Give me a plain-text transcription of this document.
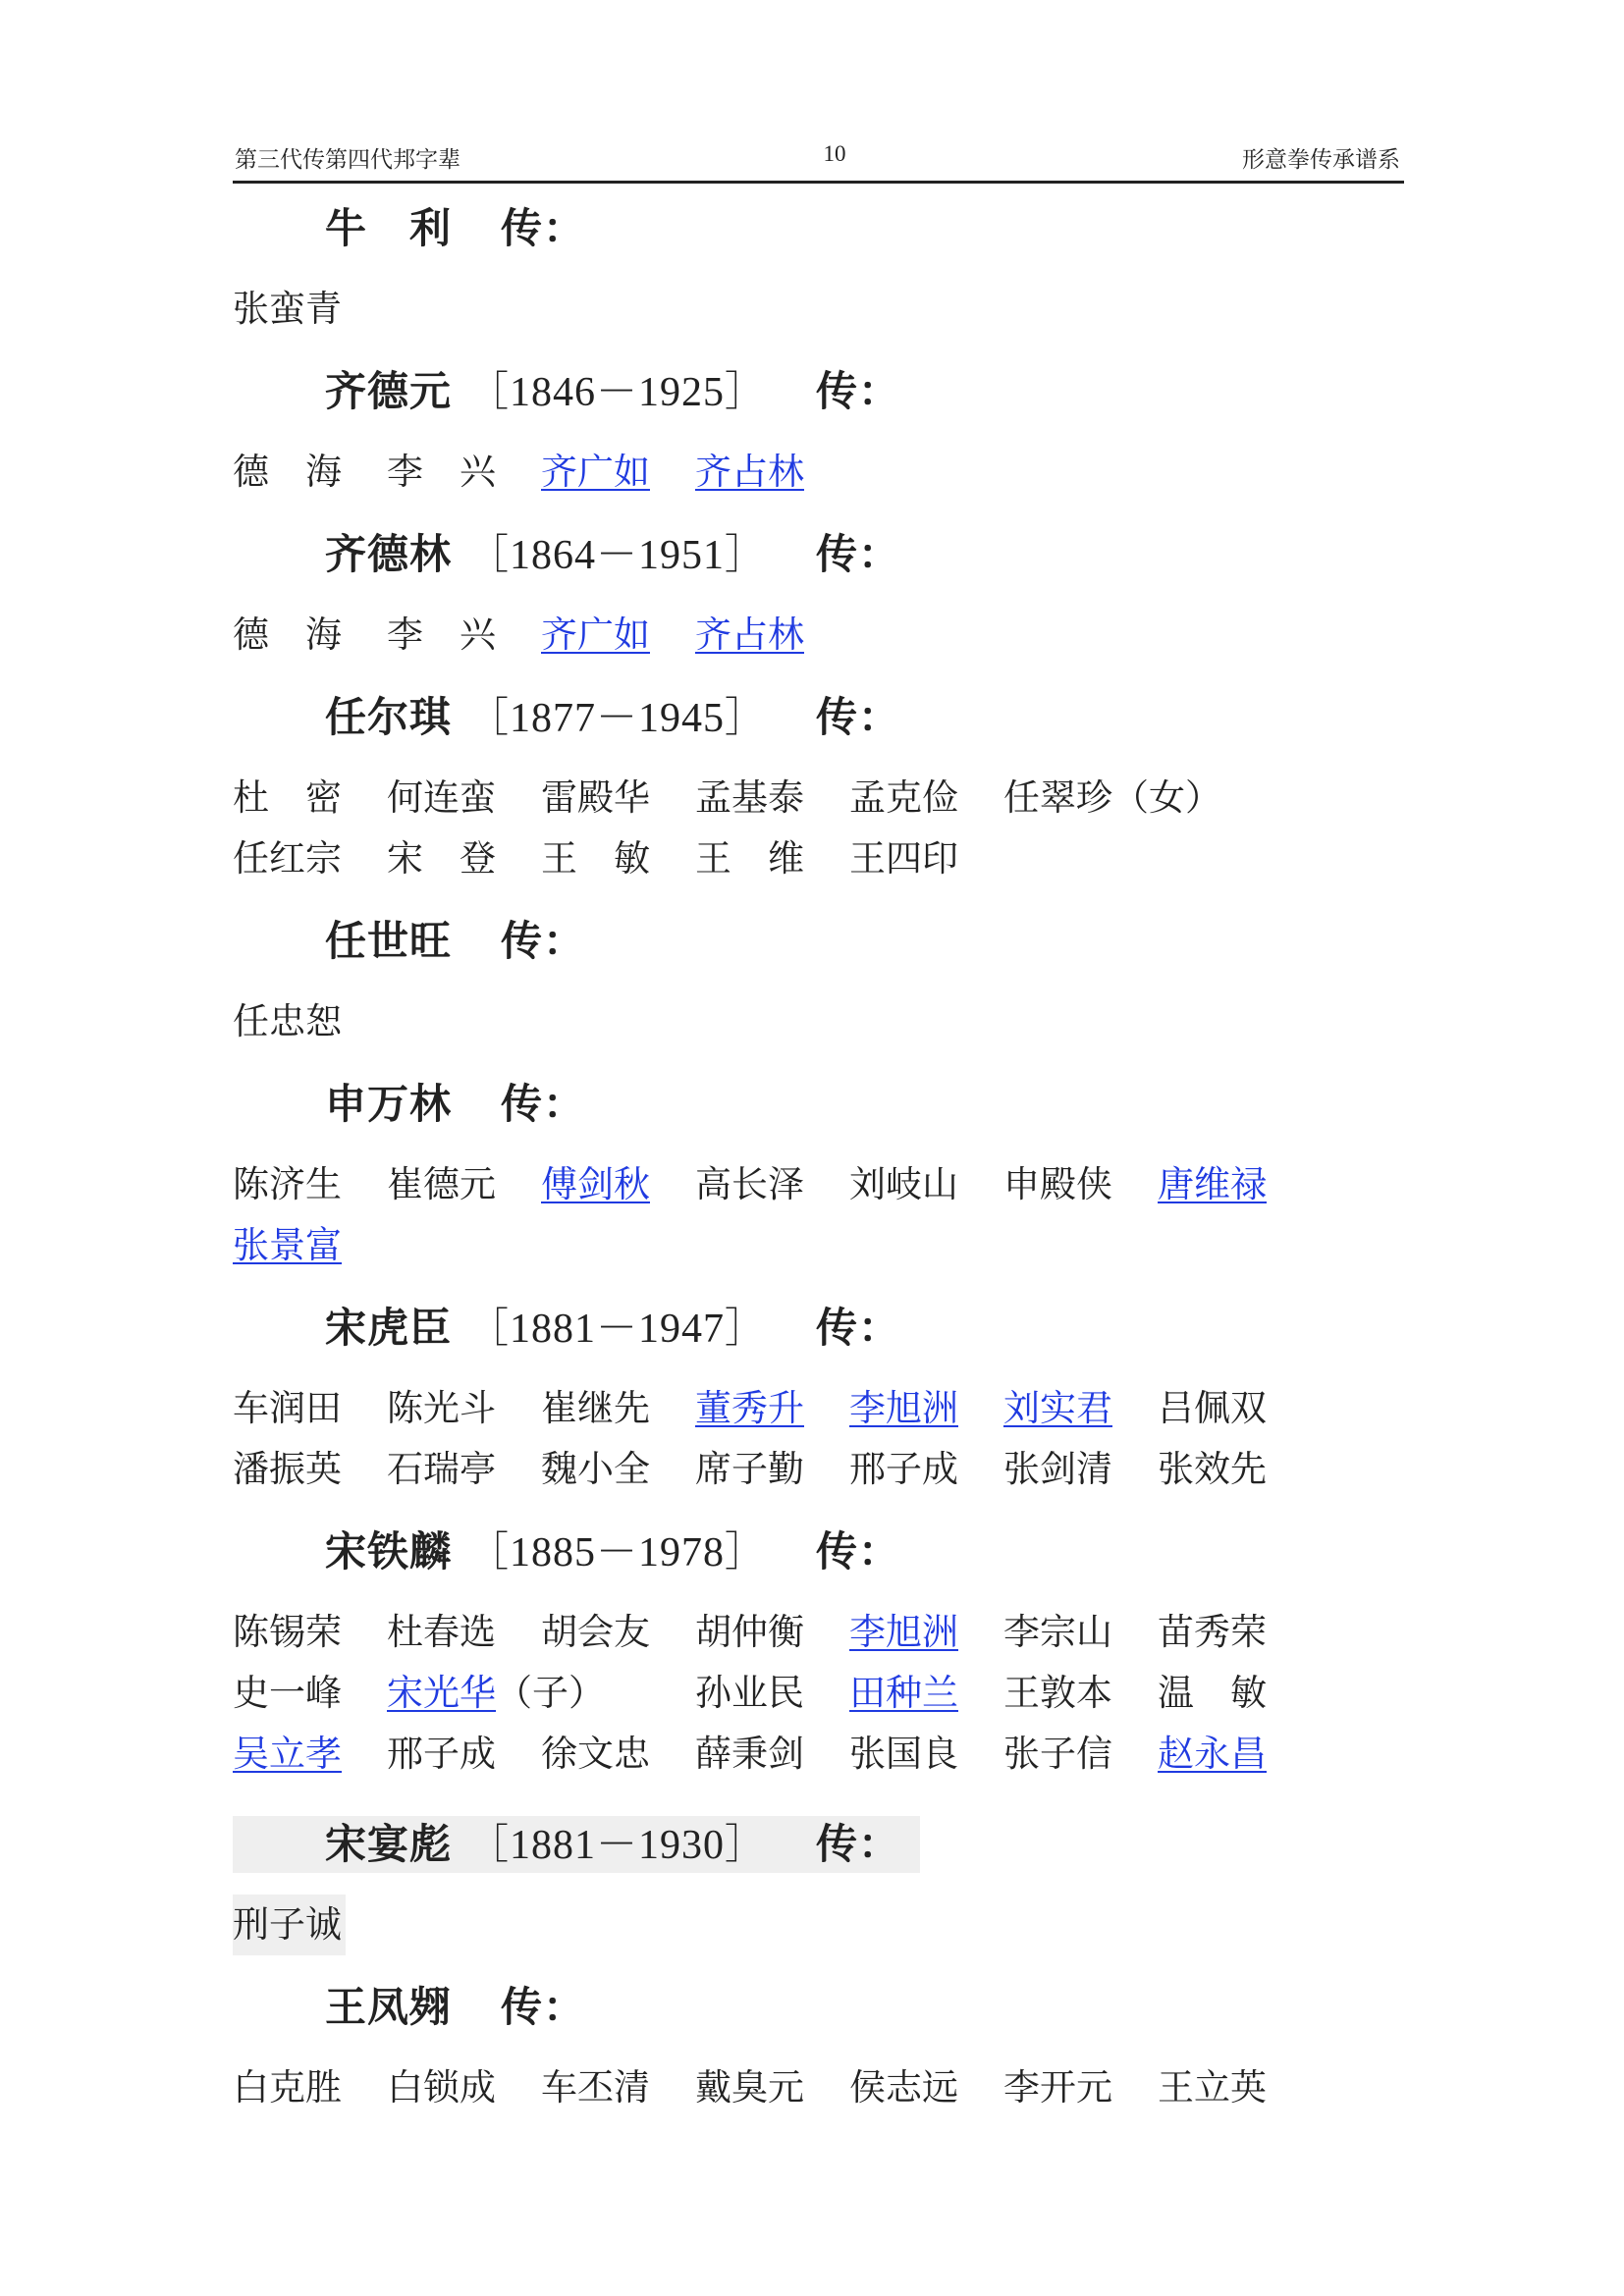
第三代传第四代邦字辈	10	形意拳传承谱系
牛　利 传：
张蛮青
齐德元 ［1846－1925］ 传：
德　海	李　兴	齐广如	齐占林
齐德林 ［1864－1951］ 传：
德　海	李　兴	齐广如	齐占林
任尔琪 ［1877－1945］ 传：
杜　密	何连蛮	雷殿华	孟基泰	孟克俭	任翠珍（女）
任红宗	宋　登	王　敏	王　维	王四印
任世旺 传：
任忠恕
申万林 传：
陈济生	崔德元	傅剑秋	高长泽	刘岐山	申殿侠	唐维禄
张景富
宋虎臣 ［1881－1947］ 传：
车润田	陈光斗	崔继先	董秀升	李旭洲	刘实君	吕佩双
潘振英	石瑞亭	魏小全	席子勤	邢子成	张剑清	张效先
宋铁麟 ［1885－1978］ 传：
陈锡荣	杜春选	胡会友	胡仲衡	李旭洲	李宗山	苗秀荣
史一峰	宋光华（子）	孙业民	田种兰	王敦本	温　敏
吴立孝	邢子成	徐文忠	薛秉剑	张国良	张子信	赵永昌
宋宴彪 ［1881－1930］ 传：
刑子诚
王凤翙 传：
白克胜	白锁成	车丕清	戴臭元	侯志远	李开元	王立英
